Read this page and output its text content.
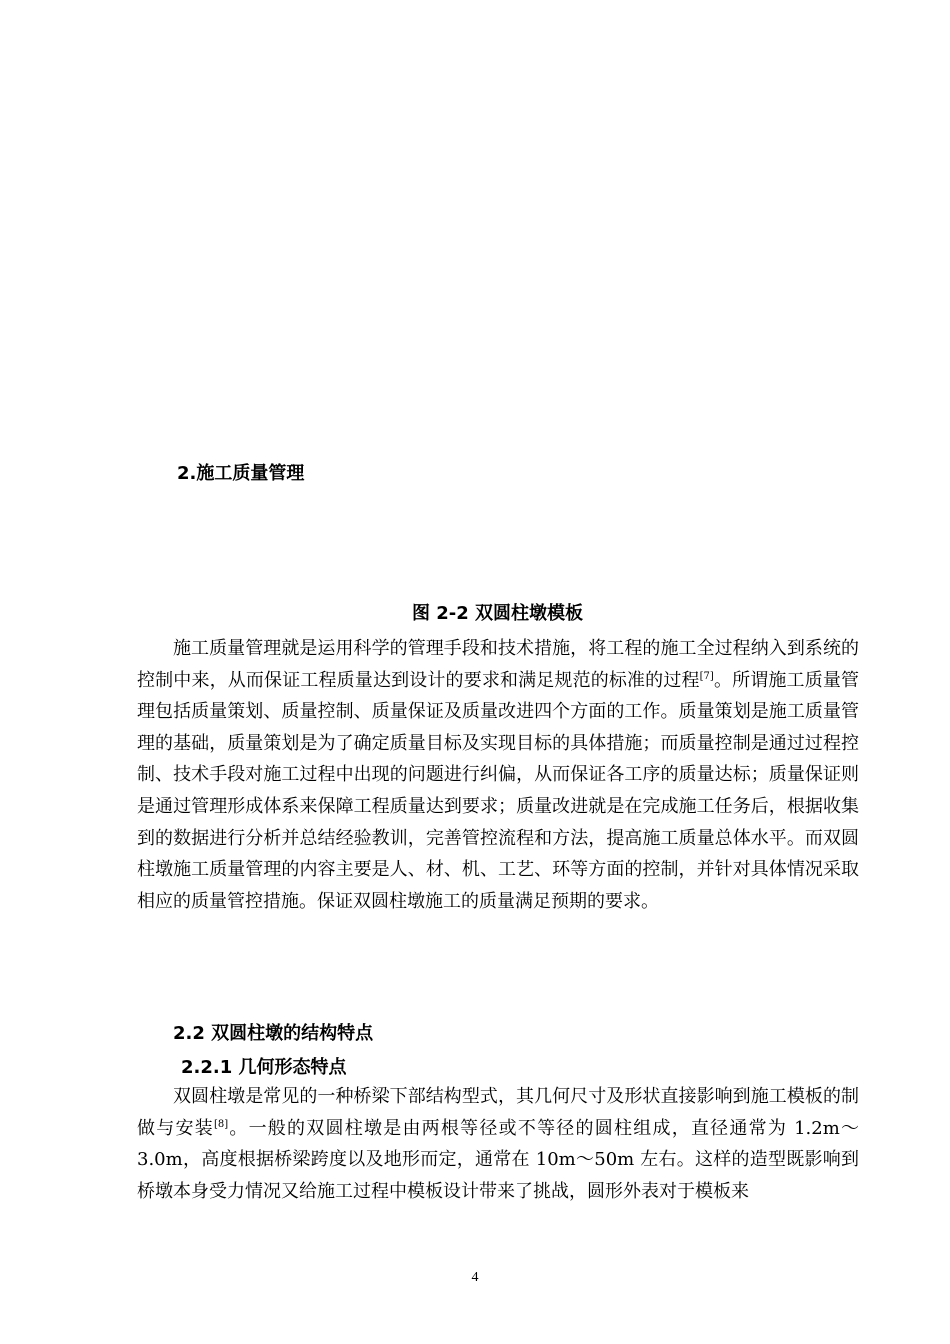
2.施工质量管理
图 2-2 双圆柱墩模板

施工质量管理就是运用科学的管理手段和技术措施，将工程的施工全过程纳入到系统的控制中来，从而保证工程质量达到设计的要求和满足规范的标准的过程[7]。所谓施工质量管理包括质量策划、质量控制、质量保证及质量改进四个方面的工作。质量策划是施工质量管理的基础，质量策划是为了确定质量目标及实现目标的具体措施；而质量控制是通过过程控制、技术手段对施工过程中出现的问题进行纠偏，从而保证各工序的质量达标；质量保证则是通过管理形成体系来保障工程质量达到要求；质量改进就是在完成施工任务后，根据收集到的数据进行分析并总结经验教训，完善管控流程和方法，提高施工质量总体水平。而双圆柱墩施工质量管理的内容主要是人、材、机、工艺、环等方面的控制，并针对具体情况采取相应的质量管控措施。保证双圆柱墩施工的质量满足预期的要求。

2.2 双圆柱墩的结构特点
2.2.1 几何形态特点

双圆柱墩是常见的一种桥梁下部结构型式，其几何尺寸及形状直接影响到施工模板的制做与安装[8]。一般的双圆柱墩是由两根等径或不等径的圆柱组成，直径通常为 1.2m～3.0m，高度根据桥梁跨度以及地形而定，通常在 10m～50m 左右。这样的造型既影响到桥墩本身受力情况又给施工过程中模板设计带来了挑战，圆形外表对于模板来

4
